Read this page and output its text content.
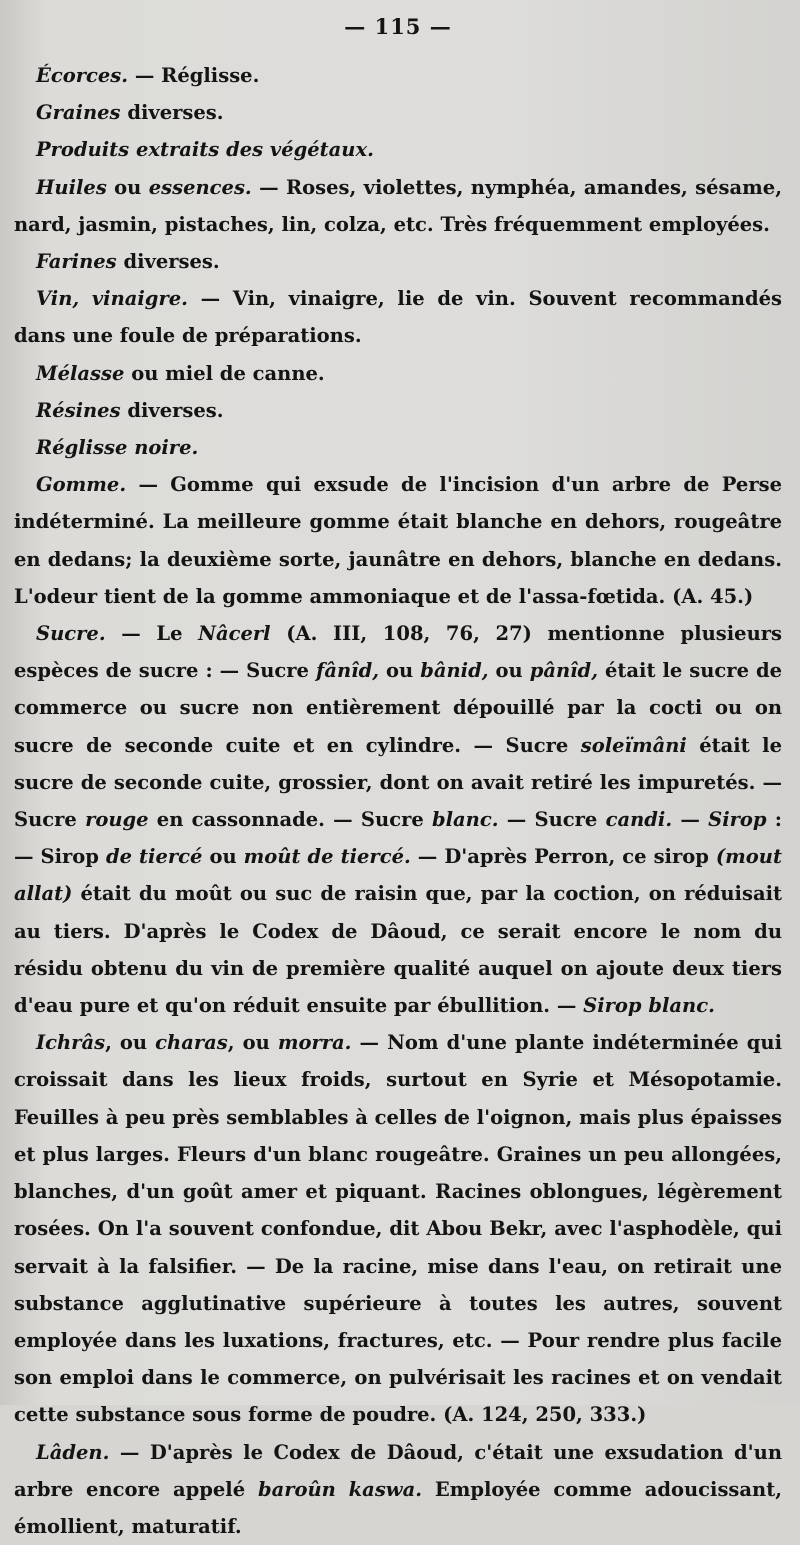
— 115 —

Écorces. — Réglisse.

Graines diverses.

Produits extraits des végétaux.

Huiles ou essences. — Roses, violettes, nymphéa, amandes, sésame, nard, jasmin, pistaches, lin, colza, etc. Très fréquemment employées.

Farines diverses.

Vin, vinaigre. — Vin, vinaigre, lie de vin. Souvent recommandés dans une foule de préparations.

Mélasse ou miel de canne.

Résines diverses.

Réglisse noire.

Gomme. — Gomme qui exsude de l'incision d'un arbre de Perse indéterminé. La meilleure gomme était blanche en dehors, rougeâtre en dedans; la deuxième sorte, jaunâtre en dehors, blanche en dedans. L'odeur tient de la gomme ammoniaque et de l'assa-fœtida. (A. 45.)

Sucre. — Le Nâcerl (A. III, 108, 76, 27) mentionne plusieurs espèces de sucre : — Sucre fânîd, ou bânid, ou pânîd, était le sucre de commerce ou sucre non entièrement dépouillé par la cocti ou on sucre de seconde cuite et en cylindre. — Sucre soleïmâni était le sucre de seconde cuite, grossier, dont on avait retiré les impuretés. — Sucre rouge en cassonnade. — Sucre blanc. — Sucre candi. — Sirop : — Sirop de tiercé ou moût de tiercé. — D'après Perron, ce sirop (mout allat) était du moût ou suc de raisin que, par la coction, on réduisait au tiers. D'après le Codex de Dâoud, ce serait encore le nom du résidu obtenu du vin de première qualité auquel on ajoute deux tiers d'eau pure et qu'on réduit ensuite par ébullition. — Sirop blanc.

Ichrâs, ou charas, ou morra. — Nom d'une plante indéterminée qui croissait dans les lieux froids, surtout en Syrie et Mésopotamie. Feuilles à peu près semblables à celles de l'oignon, mais plus épaisses et plus larges. Fleurs d'un blanc rougeâtre. Graines un peu allongées, blanches, d'un goût amer et piquant. Racines oblongues, légèrement rosées. On l'a souvent confondue, dit Abou Bekr, avec l'asphodèle, qui servait à la falsifier. — De la racine, mise dans l'eau, on retirait une substance agglutinative supérieure à toutes les autres, souvent employée dans les luxations, fractures, etc. — Pour rendre plus facile son emploi dans le commerce, on pulvérisait les racines et on vendait cette substance sous forme de poudre. (A. 124, 250, 333.)

Lâden. — D'après le Codex de Dâoud, c'était une exsudation d'un arbre encore appelé baroûn kaswa. Employée comme adoucissant, émollient, maturatif.
